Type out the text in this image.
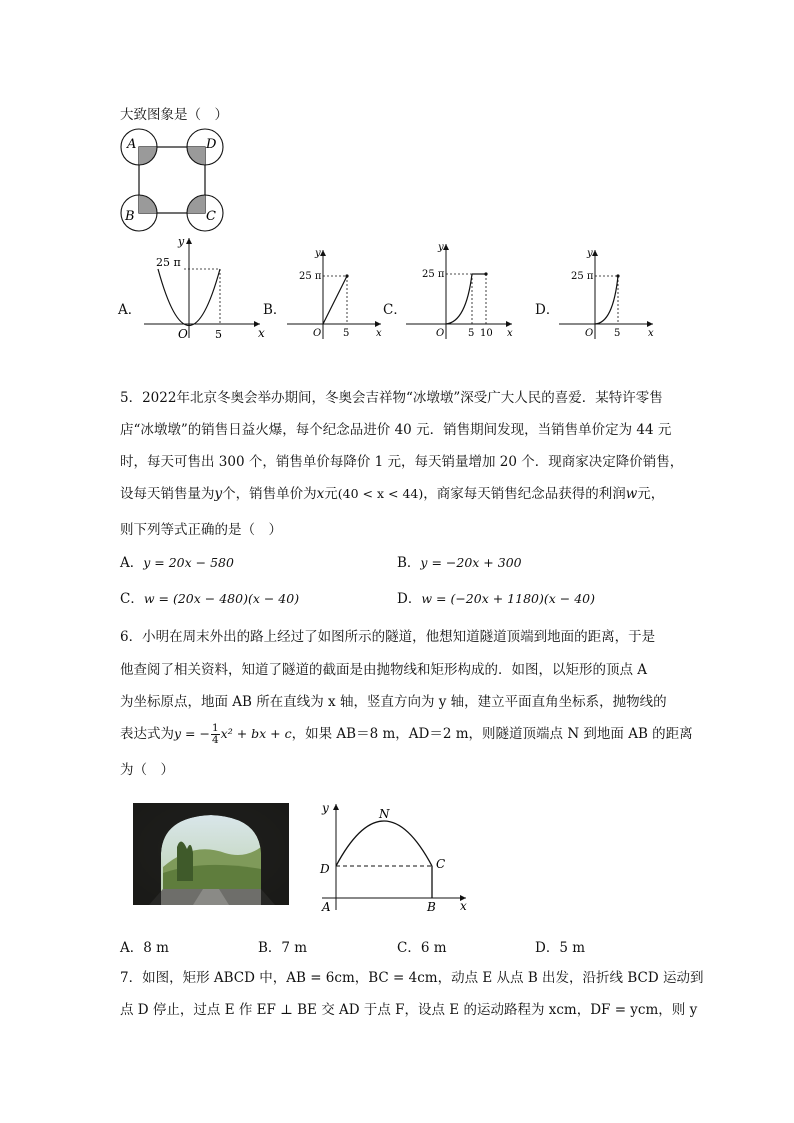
大致图象是（　）
A	D
B	C
A．
25 π
y
x
O 5
B．
25 π
y
x
O 5
C．
25 π
y
x
O 5 10
D．
25 π
y
x
O 5
5．2022年北京冬奥会举办期间，冬奥会吉祥物“冰墩墩”深受广大人民的喜爱．某特许零售
店“冰墩墩”的销售日益火爆，每个纪念品进价 40 元．销售期间发现，当销售单价定为 44 元
时，每天可售出 300 个，销售单价每降价 1 元，每天销量增加 20 个．现商家决定降价销售，
设每天销售量为y个，销售单价为x元(40 < x < 44)，商家每天销售纪念品获得的利润w元，
则下列等式正确的是（　）
A．y = 20x − 580	B．y = −20x + 300
C．w = (20x − 480)(x − 40)	D．w = (−20x + 1180)(x − 40)
6．小明在周末外出的路上经过了如图所示的隧道，他想知道隧道顶端到地面的距离，于是
他查阅了相关资料，知道了隧道的截面是由抛物线和矩形构成的．如图，以矩形的顶点 A
为坐标原点，地面 AB 所在直线为 x 轴，竖直方向为 y 轴，建立平面直角坐标系，抛物线的
表达式为y = − $\frac{1}{4} x^2$ + bx + c，如果 AB＝8 m，AD＝2 m，则隧道顶端点 N 到地面 AB 的距离
为（　）
y
x
N
D	C
A	B
A．8 m	B．7 m	C．6 m	D．5 m
7．如图，矩形 ABCD 中，AB = 6cm，BC = 4cm，动点 E 从点 B 出发，沿折线 BCD 运动到
点 D 停止，过点 E 作 EF ⊥ BE 交 AD 于点 F，设点 E 的运动路程为 xcm，DF = ycm，则 y
